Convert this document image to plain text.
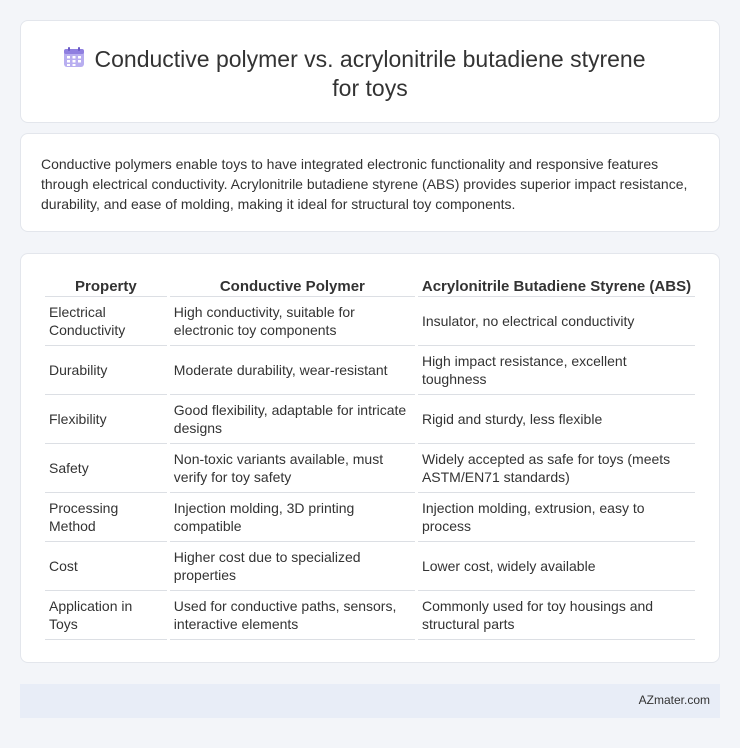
Conductive polymer vs. acrylonitrile butadiene styrene for toys

Conductive polymers enable toys to have integrated electronic functionality and responsive features through electrical conductivity. Acrylonitrile butadiene styrene (ABS) provides superior impact resistance, durability, and ease of molding, making it ideal for structural toy components.

Property	Conductive Polymer	Acrylonitrile Butadiene Styrene (ABS)
Electrical Conductivity	High conductivity, suitable for electronic toy components	Insulator, no electrical conductivity
Durability	Moderate durability, wear-resistant	High impact resistance, excellent toughness
Flexibility	Good flexibility, adaptable for intricate designs	Rigid and sturdy, less flexible
Safety	Non-toxic variants available, must verify for toy safety	Widely accepted as safe for toys (meets ASTM/EN71 standards)
Processing Method	Injection molding, 3D printing compatible	Injection molding, extrusion, easy to process
Cost	Higher cost due to specialized properties	Lower cost, widely available
Application in Toys	Used for conductive paths, sensors, interactive elements	Commonly used for toy housings and structural parts
AZmater.com
